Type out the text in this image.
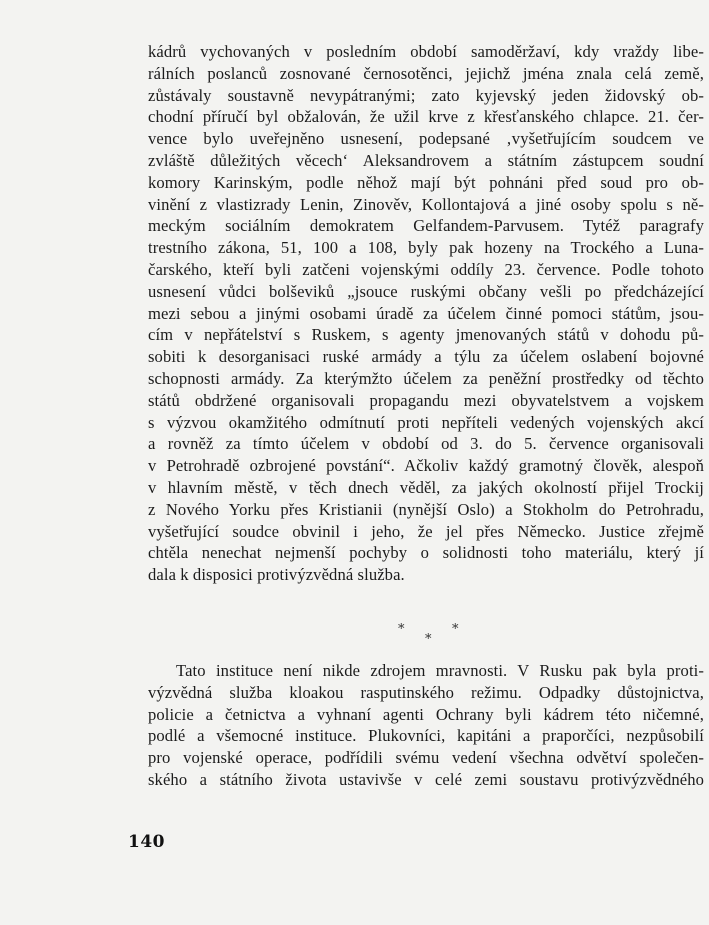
kádrů vychovaných v posledním období samoděržaví, kdy vraždy libe-
rálních poslanců zosnované černosotěnci, jejichž jména znala celá země,
zůstávaly soustavně nevypátranými; zato kyjevský jeden židovský ob-
chodní příručí byl obžalován, že užil krve z křesťanského chlapce. 21. čer-
vence bylo uveřejněno usnesení, podepsané ‚vyšetřujícím soudcem ve
zvláště důležitých věcech‘ Aleksandrovem a státním zástupcem soudní
komory Karinským, podle něhož mají být pohnáni před soud pro ob-
vinění z vlastizrady Lenin, Zinověv, Kollontajová a jiné osoby spolu s ně-
meckým sociálním demokratem Gelfandem-Parvusem. Tytéž paragrafy
trestního zákona, 51, 100 a 108, byly pak hozeny na Trockého a Luna-
čarského, kteří byli zatčeni vojenskými oddíly 23. července. Podle tohoto
usnesení vůdci bolševiků „jsouce ruskými občany vešli po předcházející
mezi sebou a jinými osobami úradě za účelem činné pomoci státům, jsou-
cím v nepřátelství s Ruskem, s agenty jmenovaných států v dohodu pů-
sobiti k desorganisaci ruské armády a týlu za účelem oslabení bojovné
schopnosti armády. Za kterýmžto účelem za peněžní prostředky od těchto
států obdržené organisovali propagandu mezi obyvatelstvem a vojskem
s výzvou okamžitého odmítnutí proti nepříteli vedených vojenských akcí
a rovněž za tímto účelem v období od 3. do 5. července organisovali
v Petrohradě ozbrojené povstání“. Ačkoliv každý gramotný člověk, alespoň
v hlavním městě, v těch dnech věděl, za jakých okolností přijel Trockij
z Nového Yorku přes Kristianii (nynější Oslo) a Stokholm do Petrohradu,
vyšetřující soudce obvinil i jeho, že jel přes Německo. Justice zřejmě
chtěla nenechat nejmenší pochyby o solidnosti toho materiálu, který jí
dala k disposici protivýzvědná služba.
*	*
*
Tato instituce není nikde zdrojem mravnosti. V Rusku pak byla proti-
výzvědná služba kloakou rasputinského režimu. Odpadky důstojnictva,
policie a četnictva a vyhnaní agenti Ochrany byli kádrem této ničemné,
podlé a všemocné instituce. Plukovníci, kapitáni a praporčíci, nezpůsobilí
pro vojenské operace, podřídili svému vedení všechna odvětví společen-
ského a státního života ustavivše v celé zemi soustavu protivýzvědného
140
